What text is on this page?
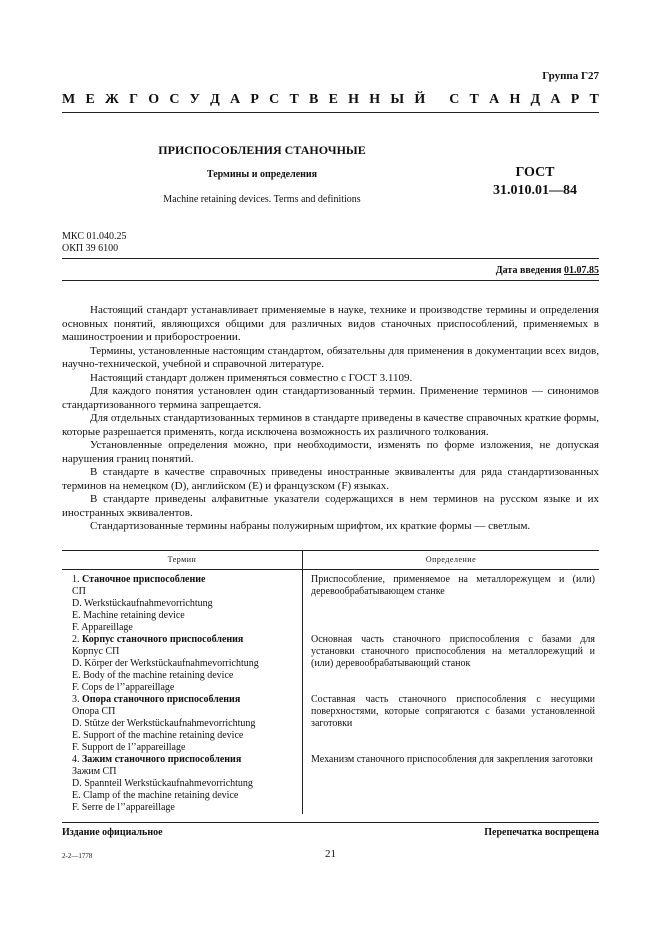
Группа Г27
М Е Ж Г О С У Д А Р С Т В Е Н Н Ы Й
С Т А Н Д А Р Т
ПРИСПОСОБЛЕНИЯ СТАНОЧНЫЕ
Термины и определения
Machine retaining devices. Terms and definitions
ГОСТ
31.010.01—84
МКС 01.040.25
ОКП 39 6100
Дата введения 01.07.85

Настоящий стандарт устанавливает применяемые в науке, технике и производстве термины и определения основных понятий, являющихся общими для различных видов станочных приспособлений, применяемых в машиностроении и приборостроении.

Термины, установленные настоящим стандартом, обязательны для применения в документации всех видов, научно-технической, учебной и справочной литературе.

Настоящий стандарт должен применяться совместно с ГОСТ 3.1109.

Для каждого понятия установлен один стандартизованный термин. Применение терминов — синонимов стандартизованного термина запрещается.

Для отдельных стандартизованных терминов в стандарте приведены в качестве справочных краткие формы, которые разрешается применять, когда исключена возможность их различного толкования.

Установленные определения можно, при необходимости, изменять по форме изложения, не допуская нарушения границ понятий.

В стандарте в качестве справочных приведены иностранные эквиваленты для ряда стандартизованных терминов на немецком (D), английском (E) и французском (F) языках.

В стандарте приведены алфавитные указатели содержащихся в нем терминов на русском языке и их иностранных эквивалентов.

Стандартизованные термины набраны полужирным шрифтом, их краткие формы — светлым.

Термин	Определение

1. Станочное приспособление
СП
D. Werkstückaufnahmevorrichtung
E. Machine retaining device
F. Appareillage	Приспособление, применяемое на металлорежущем и (или) деревообрабатывающем станке

2. Корпус станочного приспособления
Корпус СП
D. Körper der Werkstückaufnahmevorrichtung
E. Body of the machine retaining device
F. Cops de l’’appareillage	Основная часть станочного приспособления с базами для установки станочного приспособления на металлорежущий и (или) деревообрабатывающий станок

3. Опора станочного приспособления
Опора СП
D. Stütze der Werkstückaufnahmevorrichtung
E. Support of the machine retaining device
F. Support de l’’appareillage	Составная часть станочного приспособления с несущими поверхностями, которые сопрягаются с базами установленной заготовки

4. Зажим станочного приспособления
Зажим СП
D. Spannteil Werkstückaufnahmevorrichtung
E. Clamp of the machine retaining device
F. Serre de l’’appareillage	Механизм станочного приспособления для закрепления заготовки
Издание официальное	Перепечатка воспрещена
21
2-2—1778
